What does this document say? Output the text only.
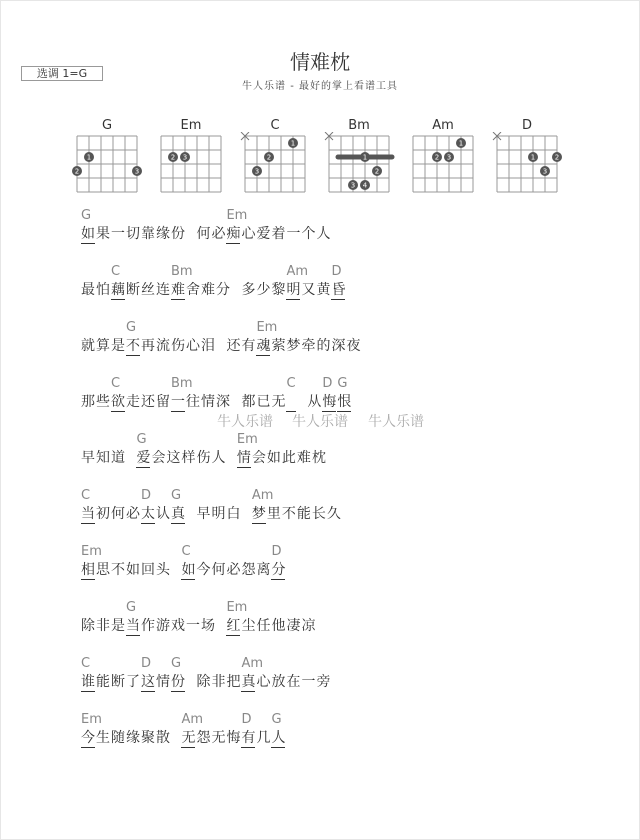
选调 1=G	情难枕
牛人乐谱 - 最好的掌上看谱工具
G
1
2	3
Em
2 3
C
1
2
3
Bm
1
2
3 4
Am
1
2 3
D
1	2
3
如果一切靠缘份 何必痴心爱着一个人
G	Em
最怕藕断丝连难舍难分 多少黎明又黄昏
C	Bm	Am D
就算是不再流伤心泪 还有魂萦梦牵的深夜
G	Em
那些欲走还留一往情深 都已无  从悔恨
C	Bm	C D G
早知道 爱会这样伤人 情会如此难枕
G	Em
当初何必太认真 早明白 梦里不能长久
C	D G	Am
相思不如回头 如今何必怨离分
Em	C	D
除非是当作游戏一场 红尘任他凄凉
G	Em
谁能断了这情份 除非把真心放在一旁
C	D G	Am
今生随缘聚散 无怨无悔有几人
Em	Am	D G
牛人乐谱 牛人乐谱 牛人乐谱
